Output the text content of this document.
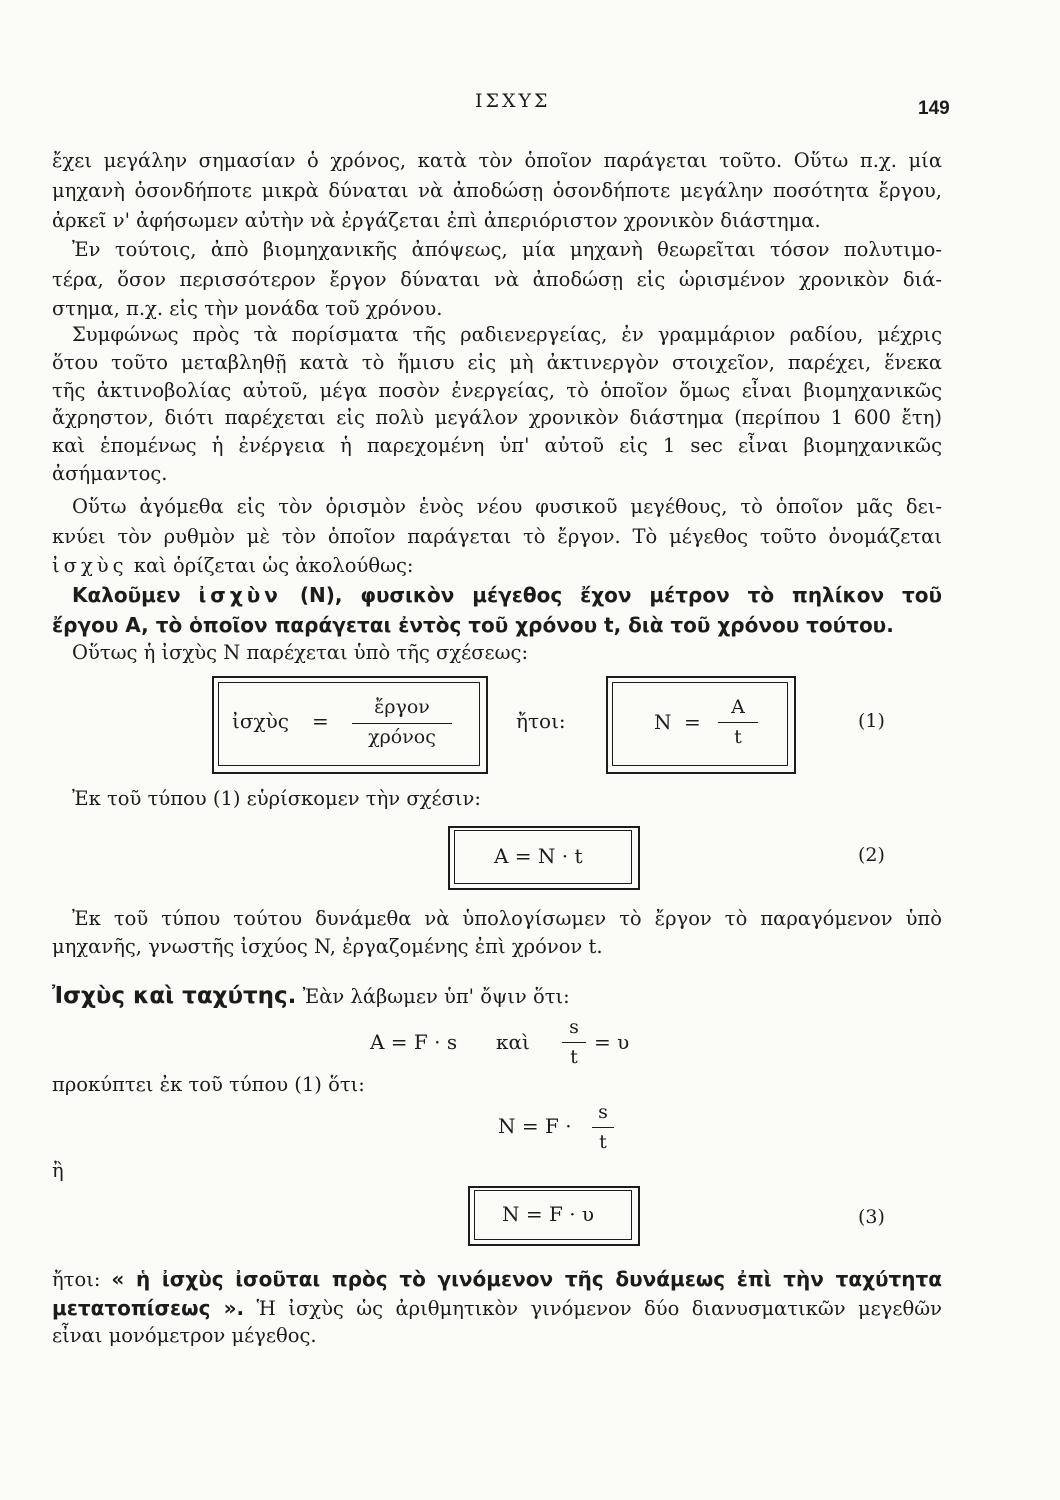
ΙΣΧΥΣ	149
ἔχει μεγάλην σημασίαν ὁ χρόνος, κατὰ τὸν ὁποῖον παράγεται τοῦτο. Οὕτω π.χ. μία
μηχανὴ ὁσονδήποτε μικρὰ δύναται νὰ ἀποδώσῃ ὁσονδήποτε μεγάλην ποσότητα ἔργου,
ἀρκεῖ ν' ἀφήσωμεν αὐτὴν νὰ ἐργάζεται ἐπὶ ἀπεριόριστον χρονικὸν διάστημα.
Ἐν τούτοις, ἀπὸ βιομηχανικῆς ἀπόψεως, μία μηχανὴ θεωρεῖται τόσον πολυτιμο-
τέρα, ὅσον περισσότερον ἔργον δύναται νὰ ἀποδώσῃ εἰς ὡρισμένον χρονικὸν διά-
στημα, π.χ. εἰς τὴν μονάδα τοῦ χρόνου.
Συμφώνως πρὸς τὰ πορίσματα τῆς ραδιενεργείας, ἐν γραμμάριον ραδίου, μέχρις
ὅτου τοῦτο μεταβληθῇ κατὰ τὸ ἥμισυ εἰς μὴ ἀκτινεργὸν στοιχεῖον, παρέχει, ἕνεκα
τῆς ἀκτινοβολίας αὐτοῦ, μέγα ποσὸν ἐνεργείας, τὸ ὁποῖον ὅμως εἶναι βιομηχανικῶς
ἄχρηστον, διότι παρέχεται εἰς πολὺ μεγάλον χρονικὸν διάστημα (περίπου 1 600 ἔτη)
καὶ ἑπομένως ἡ ἐνέργεια ἡ παρεχομένη ὑπ' αὐτοῦ εἰς 1 sec εἶναι βιομηχανικῶς
ἀσήμαντος.
Οὕτω ἀγόμεθα εἰς τὸν ὁρισμὸν ἑνὸς νέου φυσικοῦ μεγέθους, τὸ ὁποῖον μᾶς δει-
κνύει τὸν ρυθμὸν μὲ τὸν ὁποῖον παράγεται τὸ ἔργον. Τὸ μέγεθος τοῦτο ὀνομάζεται
ἰσχὺς καὶ ὁρίζεται ὡς ἀκολούθως:
Καλοῦμεν ἰσχὺν (N), φυσικὸν μέγεθος ἔχον μέτρον τὸ πηλίκον τοῦ
ἔργου A, τὸ ὁποῖον παράγεται ἐντὸς τοῦ χρόνου t, διὰ τοῦ χρόνου τούτου.
Οὕτως ἡ ἰσχὺς N παρέχεται ὑπὸ τῆς σχέσεως:
ἰσχὺς =
ἔργον
χρόνος
ἤτοι:	N =
A
t
(1)
Ἐκ τοῦ τύπου (1) εὑρίσκομεν τὴν σχέσιν:
A = N · t	(2)
Ἐκ τοῦ τύπου τούτου δυνάμεθα νὰ ὑπολογίσωμεν τὸ ἔργον τὸ παραγόμενον ὑπὸ
μηχανῆς, γνωστῆς ἰσχύος N, ἐργαζομένης ἐπὶ χρόνον t.
Ἰσχὺς καὶ ταχύτης. Ἐὰν λάβωμεν ὑπ' ὄψιν ὅτι:
A = F · s καὶ
s
t
= υ
προκύπτει ἐκ τοῦ τύπου (1) ὅτι:
N = F ·
s
t
ἢ
N = F · υ	(3)
ἤτοι: « ἡ ἰσχὺς ἰσοῦται πρὸς τὸ γινόμενον τῆς δυνάμεως ἐπὶ τὴν ταχύτητα
μετατοπίσεως ». Ἡ ἰσχὺς ὡς ἀριθμητικὸν γινόμενον δύο διανυσματικῶν μεγεθῶν
εἶναι μονόμετρον μέγεθος.
